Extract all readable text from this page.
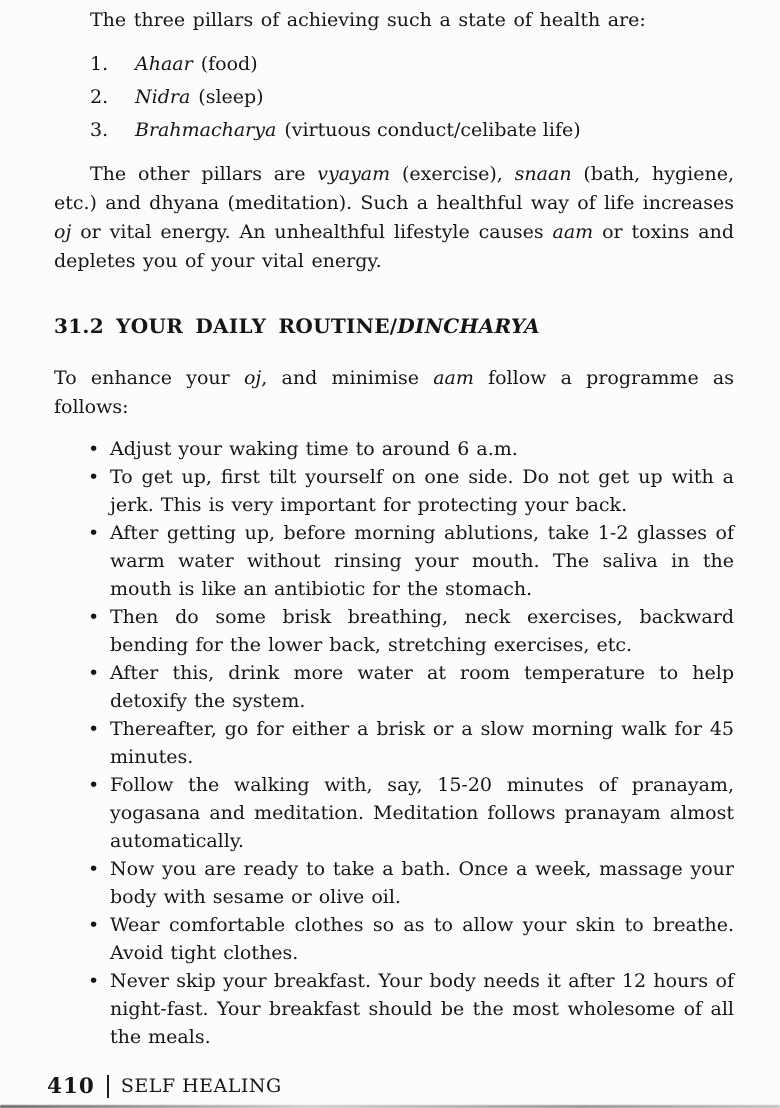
The three pillars of achieving such a state of health are:

1.	Ahaar (food)
2.	Nidra (sleep)
3.	Brahmacharya (virtuous conduct/celibate life)

The other pillars are vyayam (exercise), snaan (bath, hygiene, etc.) and dhyana (meditation). Such a healthful way of life increases oj or vital energy. An unhealthful lifestyle causes aam or toxins and depletes you of your vital energy.

31.2 YOUR DAILY ROUTINE/DINCHARYA

To enhance your oj, and minimise aam follow a programme as follows:

• Adjust your waking time to around 6 a.m.
• To get up, first tilt yourself on one side. Do not get up with a jerk. This is very important for protecting your back.
• After getting up, before morning ablutions, take 1-2 glasses of warm water without rinsing your mouth. The saliva in the mouth is like an antibiotic for the stomach.
• Then do some brisk breathing, neck exercises, backward bending for the lower back, stretching exercises, etc.
• After this, drink more water at room temperature to help detoxify the system.
• Thereafter, go for either a brisk or a slow morning walk for 45 minutes.
• Follow the walking with, say, 15-20 minutes of pranayam, yogasana and meditation. Meditation follows pranayam almost automatically.
• Now you are ready to take a bath. Once a week, massage your body with sesame or olive oil.
• Wear comfortable clothes so as to allow your skin to breathe. Avoid tight clothes.
• Never skip your breakfast. Your body needs it after 12 hours of night-fast. Your breakfast should be the most wholesome of all the meals.
410 SELF HEALING
